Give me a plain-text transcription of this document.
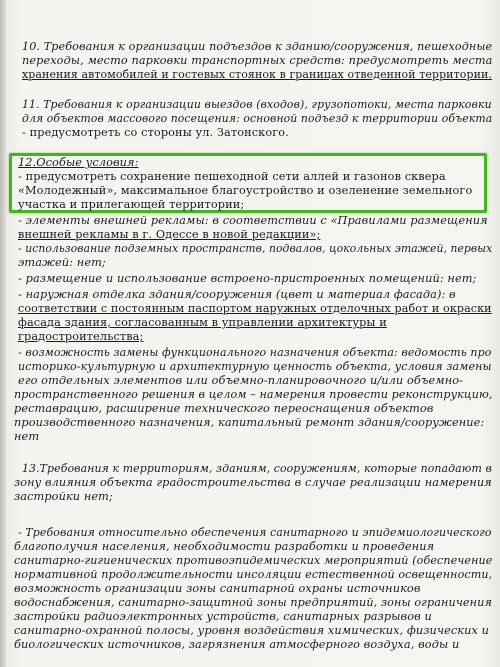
10. Требования к организации подъездов к зданию/сооружения, пешеходные
переходы, место парковки транспортных средств: предусмотреть места
хранения автомобилей и гостевых стоянок в границах отведенной территории.
11. Требования к организации выездов (входов), грузопотоки, места парковки
для объектов массового посещения: основной подъезд к территории объекта
- предусмотреть со стороны ул. Затонского.
12.Особые условия:
- предусмотреть сохранение пешеходной сети аллей и газонов сквера
«Молодежный», максимальное благоустройство и озеленение земельного
участка и прилегающей территории;
- элементы внешней рекламы: в соответствии с «Правилами размещения
внешней рекламы в г. Одессе в новой редакции»;
- использование подземных пространств, подвалов, цокольных этажей, первых
этажей: нет;
- размещение и использование встроено-пристроенных помещений: нет;
- наружная отделка здания/сооружения (цвет и материал фасада): в
соответствии с постоянным паспортом наружных отделочных работ и окраски
фасада здания, согласованным в управлении архитектуры и
градостроительства;
- возможность замены функционального назначения объекта: ведомость про
историко-культурную и архитектурную ценность объекта, условия замены
его отдельных элементов или объемно-планировочного и/или объемно-
пространственного решения в целом – намерения провести реконструкцию,
реставрацию, расширение технического переоснащения объектов
производственного назначения, капитальный ремонт здания/сооружение:
нет
13.Требования к территориям, зданиям, сооружениям, которые попадают в
зону влияния объекта градостроительства в случае реализации намерения
застройки нет;
- Требования относительно обеспечения санитарного и эпидемиологического
благополучия населения, необходимости разработки и проведения
санитарно-гигиенических противоэпидемических мероприятий (обеспечение
нормативной продолжительности инсоляции естественной освещенности,
возможность организации зоны санитарной охраны источников
водоснабжения, санитарно-защитной зоны предприятий, зоны ограничения
застройки радиоэлектронных устройств, санитарных разрывов и
санитарно-охранной полосы, уровня воздействия химических, физических и
биологических источников, загрязнения атмосферного воздуха, воды и
